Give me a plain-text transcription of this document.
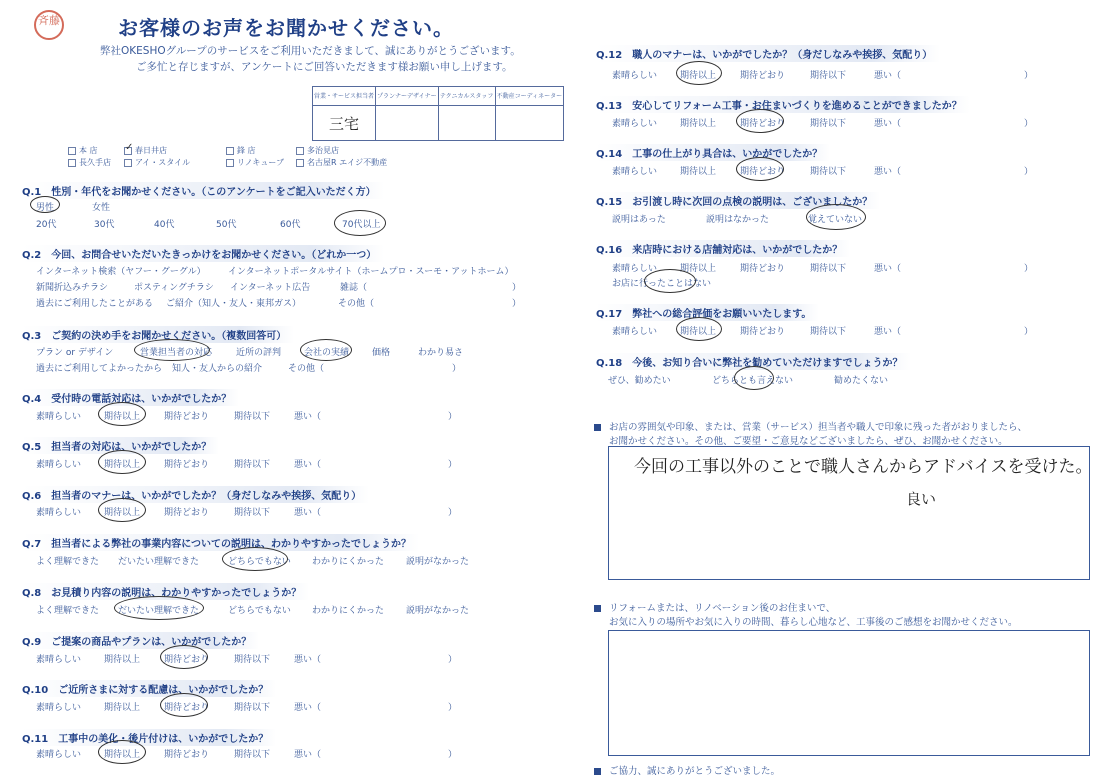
斉藤	お客様のお声をお聞かせください。
弊社OKESHOグループのサービスをご利用いただきまして、誠にありがとうございます。
ご多忙と存じますが、アンケートにご回答いただきます様お願い申し上げます。
営業・サービス担当者	プランナーデザイナー	テクニカルスタッフ	不動産コーディネーター
三宅			
本 店	✓ 春日井店	鋒 店	多治見店
長久手店	アイ・スタイル	リノキューブ	名古屋R エイジ不動産
Q.1　性別・年代をお聞かせください。（このアンケートをご記入いただく方）
男性	女性
20代	30代	40代	50代	60代	70代以上
Q.2　今回、お問合せいただいたきっかけをお聞かせください。（どれか一つ）
インターネット検索（ヤフー・グーグル） インターネットポータルサイト（ホームプロ・スーモ・アットホーム）
新聞折込みチラシ	ポスティングチラシ インターネット広告	雑誌（	）
過去にご利用したことがある ご紹介（知人・友人・東邦ガス）	その他（	）
Q.3　ご契約の決め手をお聞かせください。（複数回答可）
プラン or デザイン	営業担当者の対応	近所の評判	会社の実績	価格	わかり易さ
過去にご利用してよかったから 知人・友人からの紹介	その他（	）
Q.4　受付時の電話対応は、いかがでしたか？
素晴らしい	期待以上	期待どおり	期待以下	悪い（	）
Q.5　担当者の対応は、いかがでしたか？
素晴らしい	期待以上	期待どおり	期待以下	悪い（	）
Q.6　担当者のマナーは、いかがでしたか？（身だしなみや挨拶、気配り）
素晴らしい	期待以上	期待どおり	期待以下	悪い（	）
Q.7　担当者による弊社の事業内容についての説明は、わかりやすかったでしょうか？
よく理解できた だいたい理解できた	どちらでもない わかりにくかった 説明がなかった
Q.8　お見積り内容の説明は、わかりやすかったでしょうか？
よく理解できた だいたい理解できた	どちらでもない わかりにくかった 説明がなかった
Q.9　ご提案の商品やプランは、いかがでしたか？
素晴らしい	期待以上	期待どおり	期待以下	悪い（	）
Q.10　ご近所さまに対する配慮は、いかがでしたか？
素晴らしい	期待以上	期待どおり	期待以下	悪い（	）
Q.11　工事中の美化・後片付けは、いかがでしたか？
素晴らしい	期待以上	期待どおり	期待以下	悪い（	）
Q.12　職人のマナーは、いかがでしたか？（身だしなみや挨拶、気配り）
素晴らしい	期待以上	期待どおり	期待以下	悪い（	）
Q.13　安心してリフォーム工事・お住まいづくりを進めることができましたか？
素晴らしい	期待以上	期待どおり	期待以下	悪い（	）
Q.14　工事の仕上がり具合は、いかがでしたか？
素晴らしい	期待以上	期待どおり	期待以下	悪い（	）
Q.15　お引渡し時に次回の点検の説明は、ございましたか？
説明はあった	説明はなかった	覚えていない
Q.16　来店時における店舗対応は、いかがでしたか？
素晴らしい	期待以上	期待どおり	期待以下	悪い（	）
お店に行ったことはない
Q.17　弊社への総合評価をお願いいたします。
素晴らしい	期待以上	期待どおり	期待以下	悪い（	）
Q.18　今後、お知り合いに弊社を勧めていただけますでしょうか？
ぜひ、勧めたい	どちらとも言えない	勧めたくない
お店の雰囲気や印象、または、営業（サービス）担当者や職人で印象に残った者がおりましたら、
お聞かせください。その他、ご要望・ご意見などございましたら、ぜひ、お聞かせください。
今回の工事以外のことで職人さんからアドバイスを受けた。
良い
リフォームまたは、リノベーション後のお住まいで、
お気に入りの場所やお気に入りの時間、暮らし心地など、工事後のご感想をお聞かせください。
ご協力、誠にありがとうございました。
